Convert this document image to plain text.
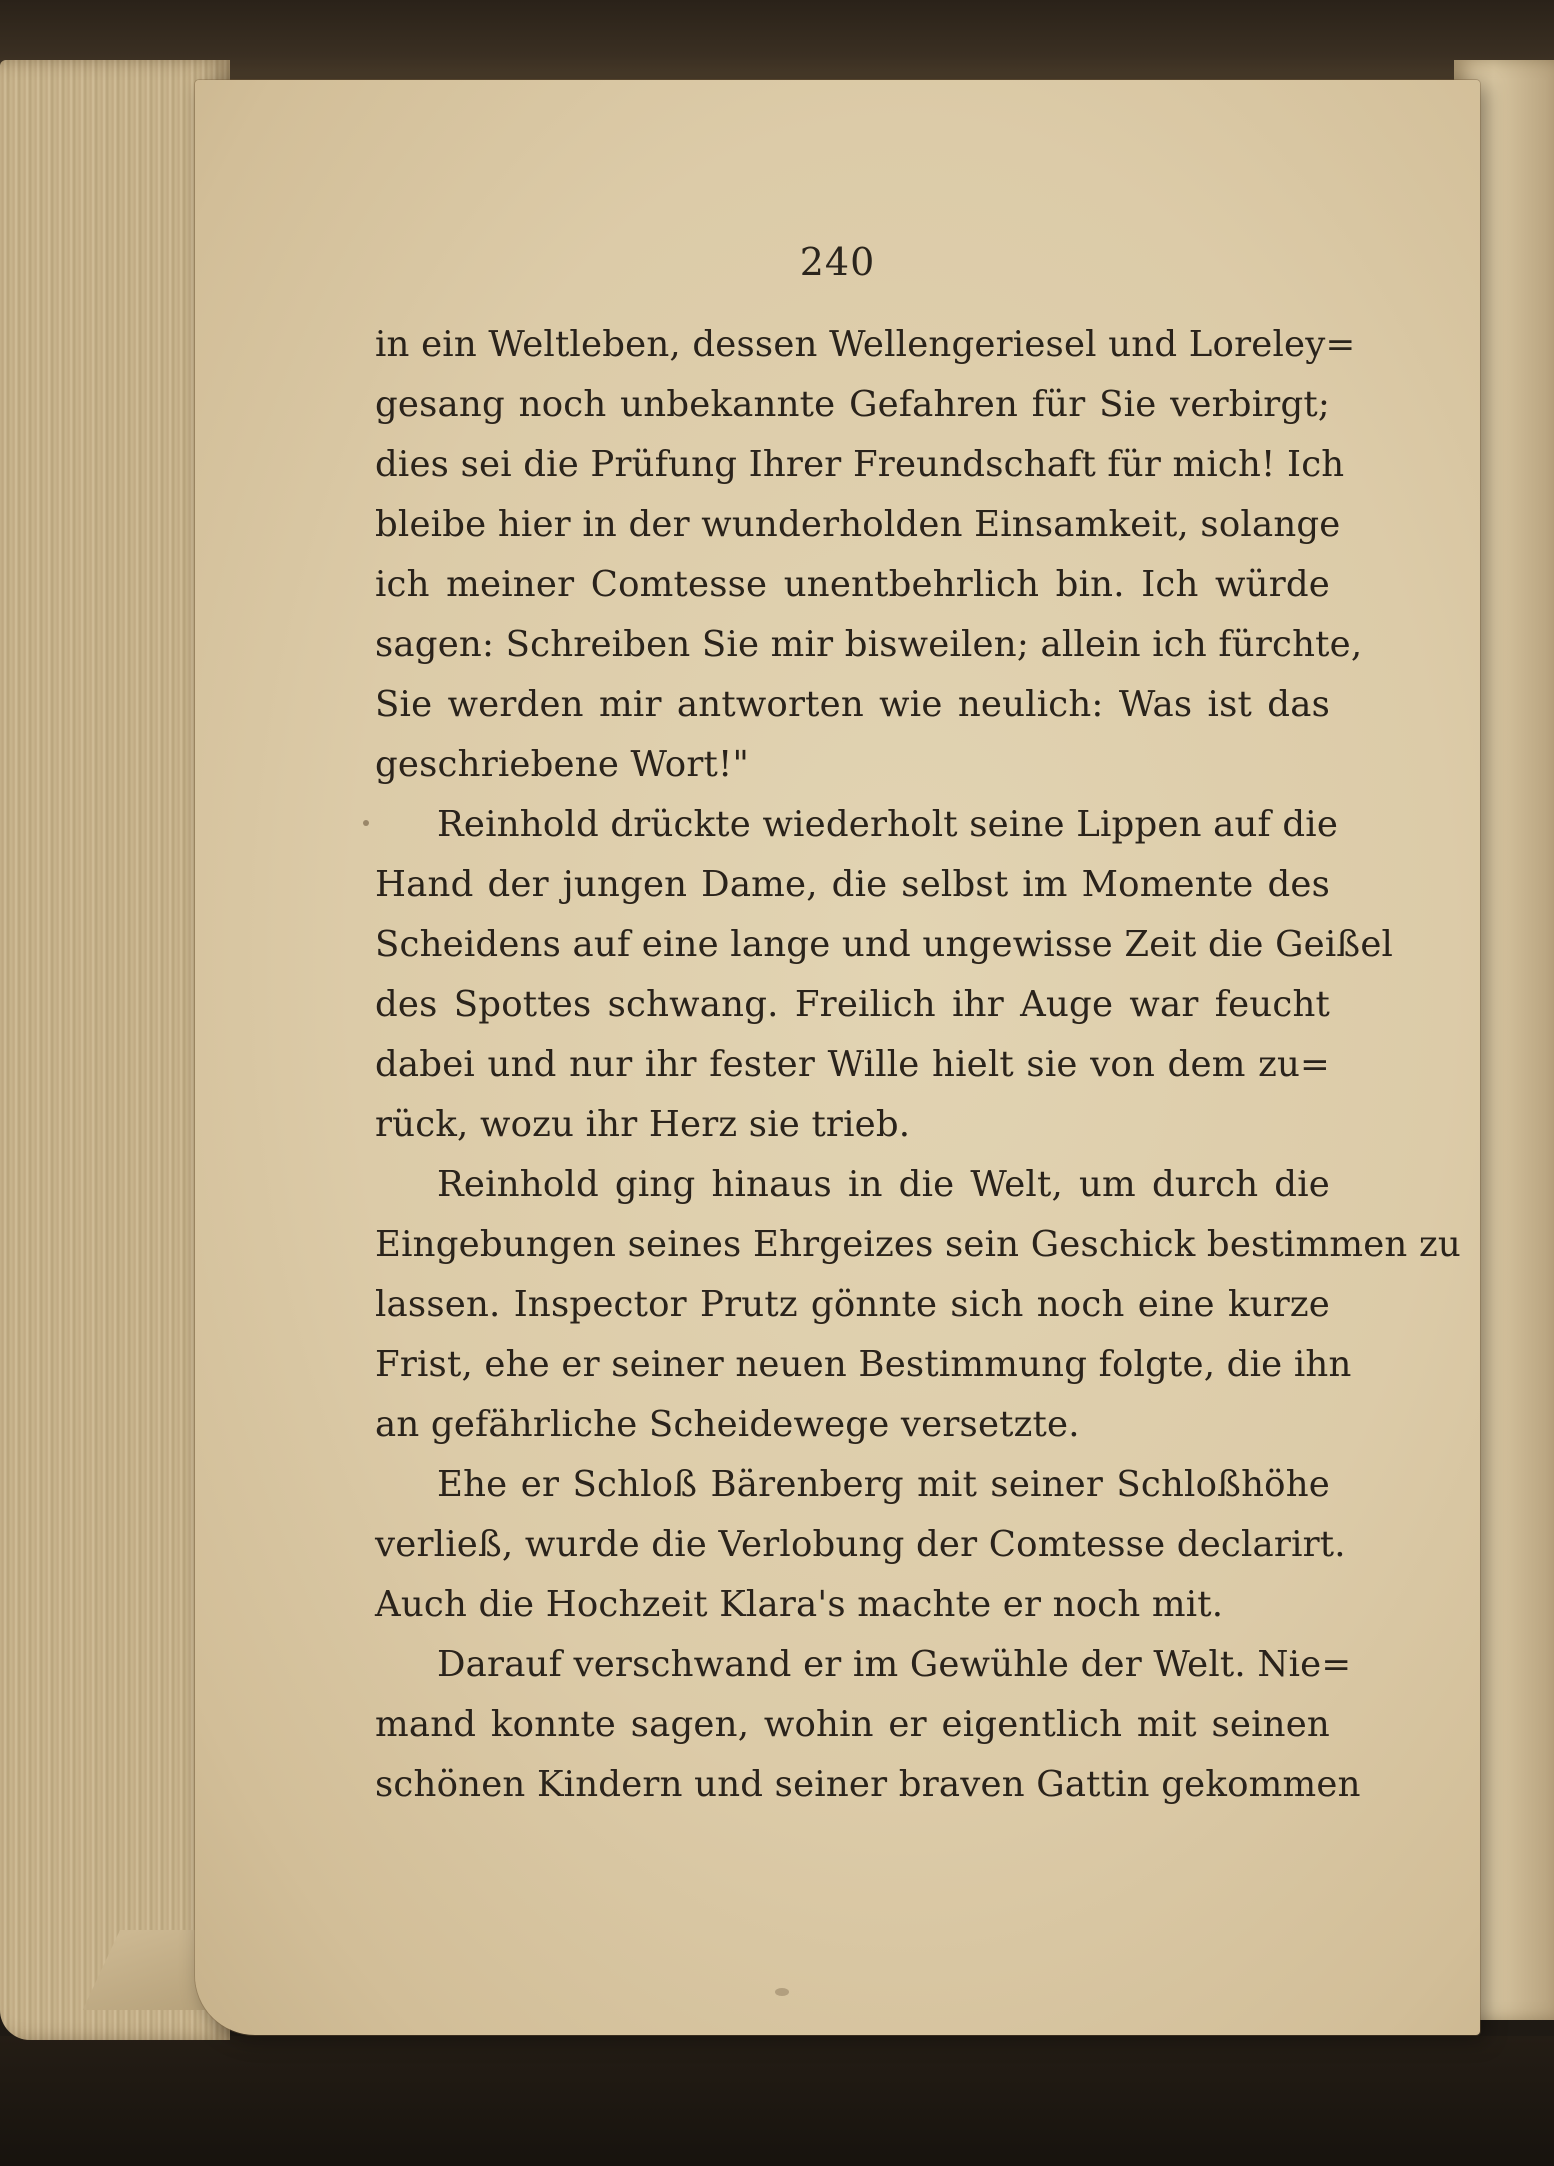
240
in ein Weltleben, dessen Wellengeriesel und Loreley=
gesang noch unbekannte Gefahren für Sie verbirgt;
dies sei die Prüfung Ihrer Freundschaft für mich! Ich
bleibe hier in der wunderholden Einsamkeit, solange
ich meiner Comtesse unentbehrlich bin. Ich würde
sagen: Schreiben Sie mir bisweilen; allein ich fürchte,
Sie werden mir antworten wie neulich: Was ist das
geschriebene Wort!"
Reinhold drückte wiederholt seine Lippen auf die
Hand der jungen Dame, die selbst im Momente des
Scheidens auf eine lange und ungewisse Zeit die Geißel
des Spottes schwang. Freilich ihr Auge war feucht
dabei und nur ihr fester Wille hielt sie von dem zu=
rück, wozu ihr Herz sie trieb.
Reinhold ging hinaus in die Welt, um durch die
Eingebungen seines Ehrgeizes sein Geschick bestimmen zu
lassen. Inspector Prutz gönnte sich noch eine kurze
Frist, ehe er seiner neuen Bestimmung folgte, die ihn
an gefährliche Scheidewege versetzte.
Ehe er Schloß Bärenberg mit seiner Schloßhöhe
verließ, wurde die Verlobung der Comtesse declarirt.
Auch die Hochzeit Klara's machte er noch mit.
Darauf verschwand er im Gewühle der Welt. Nie=
mand konnte sagen, wohin er eigentlich mit seinen
schönen Kindern und seiner braven Gattin gekommen
